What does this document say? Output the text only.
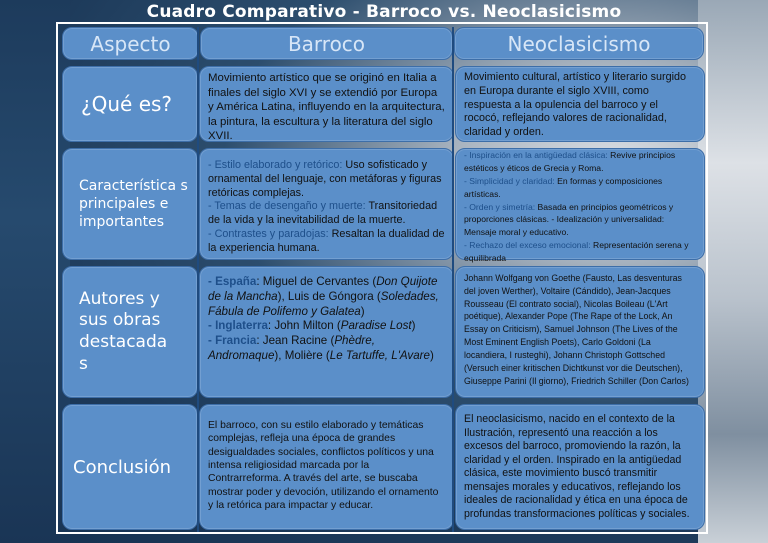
Cuadro Comparativo - Barroco vs. Neoclasicismo
Aspecto	Barroco	Neoclasicismo
¿Qué es?

Movimiento artístico que se originó en Italia a finales del siglo XVI y se extendió por Europa y América Latina, influyendo en la arquitectura, la pintura, la escultura y la literatura del siglo XVII.

Movimiento cultural, artístico y literario surgido en Europa durante el siglo XVIII, como respuesta a la opulencia del barroco y el rococó, reflejando valores de racionalidad, claridad y orden.

Característica s principales e importantes

- Estilo elaborado y retórico: Uso sofisticado y ornamental del lenguaje, con metáforas y figuras retóricas complejas.

- Temas de desengaño y muerte: Transitoriedad de la vida y la inevitabilidad de la muerte.

- Contrastes y paradojas: Resaltan la dualidad de la experiencia humana.

- Inspiración en la antigüedad clásica: Revive principios estéticos y éticos de Grecia y Roma.

- Simplicidad y claridad: En formas y composiciones artísticas.

- Orden y simetría: Basada en principios geométricos y proporciones clásicas. - Idealización y universalidad: Mensaje moral y educativo.

- Rechazo del exceso emocional: Representación serena y equilibrada

Autores y sus obras destacada s

- España: Miguel de Cervantes (Don Quijote de la Mancha), Luis de Góngora (Soledades, Fábula de Polifemo y Galatea)

- Inglaterra: John Milton (Paradise Lost)

- Francia: Jean Racine (Phèdre, Andromaque), Molière (Le Tartuffe, L'Avare)

Johann Wolfgang von Goethe (Fausto, Las desventuras del joven Werther), Voltaire (Cándido), Jean-Jacques Rousseau (El contrato social), Nicolas Boileau (L'Art poétique), Alexander Pope (The Rape of the Lock, An Essay on Criticism), Samuel Johnson (The Lives of the Most Eminent English Poets), Carlo Goldoni (La locandiera, I rusteghi), Johann Christoph Gottsched (Versuch einer kritischen Dichtkunst vor die Deutschen), Giuseppe Parini (Il giorno), Friedrich Schiller (Don Carlos)

Conclusión

El barroco, con su estilo elaborado y temáticas complejas, refleja una época de grandes desigualdades sociales, conflictos políticos y una intensa religiosidad marcada por la Contrarreforma. A través del arte, se buscaba mostrar poder y devoción, utilizando el ornamento y la retórica para impactar y educar.

El neoclasicismo, nacido en el contexto de la Ilustración, representó una reacción a los excesos del barroco, promoviendo la razón, la claridad y el orden. Inspirado en la antigüedad clásica, este movimiento buscó transmitir mensajes morales y educativos, reflejando los ideales de racionalidad y ética en una época de profundas transformaciones políticas y sociales.
